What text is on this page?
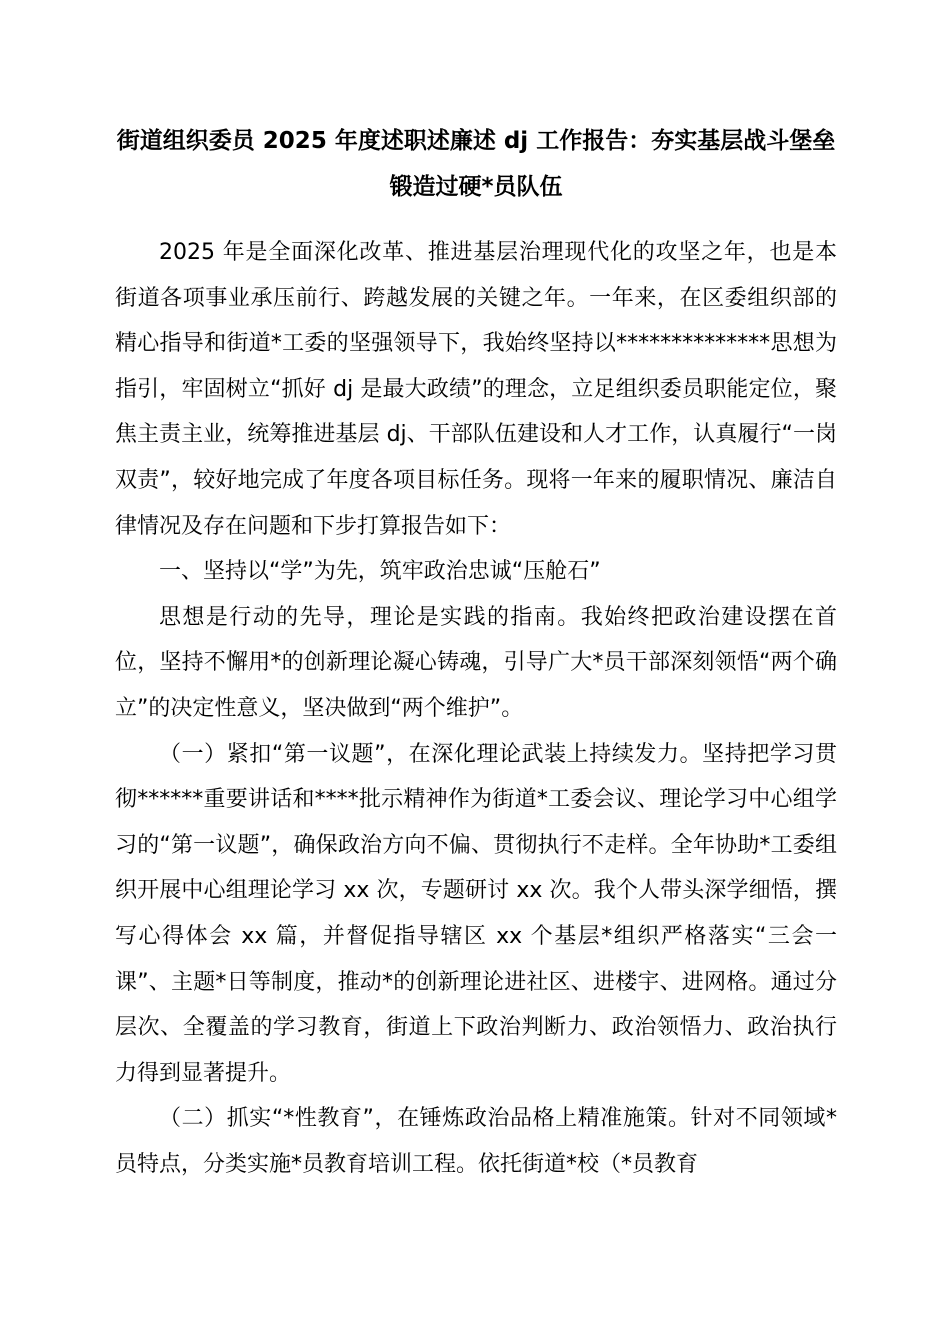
街道组织委员 2025 年度述职述廉述 dj 工作报告：夯实基层战斗堡垒 锻造过硬*员队伍

2025 年是全面深化改革、推进基层治理现代化的攻坚之年，也是本街道各项事业承压前行、跨越发展的关键之年。一年来，在区委组织部的精心指导和街道*工委的坚强领导下，我始终坚持以**************思想为指引，牢固树立“抓好 dj 是最大政绩”的理念，立足组织委员职能定位，聚焦主责主业，统筹推进基层 dj、干部队伍建设和人才工作，认真履行“一岗双责”，较好地完成了年度各项目标任务。现将一年来的履职情况、廉洁自律情况及存在问题和下步打算报告如下：

一、坚持以“学”为先，筑牢政治忠诚“压舱石”

思想是行动的先导，理论是实践的指南。我始终把政治建设摆在首位，坚持不懈用*的创新理论凝心铸魂，引导广大*员干部深刻领悟“两个确立”的决定性意义，坚决做到“两个维护”。

（一）紧扣“第一议题”，在深化理论武装上持续发力。坚持把学习贯彻******重要讲话和****批示精神作为街道*工委会议、理论学习中心组学习的“第一议题”，确保政治方向不偏、贯彻执行不走样。全年协助*工委组织开展中心组理论学习 xx 次，专题研讨 xx 次。我个人带头深学细悟，撰写心得体会 xx 篇，并督促指导辖区 xx 个基层*组织严格落实“三会一课”、主题*日等制度，推动*的创新理论进社区、进楼宇、进网格。通过分层次、全覆盖的学习教育，街道上下政治判断力、政治领悟力、政治执行力得到显著提升。

（二）抓实“*性教育”，在锤炼政治品格上精准施策。针对不同领域*员特点，分类实施*员教育培训工程。依托街道*校（*员教育
